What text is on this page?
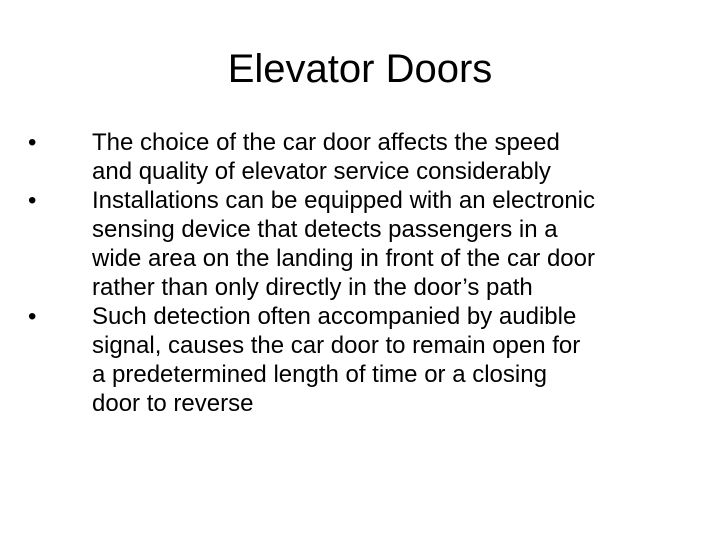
Elevator Doors
• The choice of the car door affects the speed
and quality of elevator service considerably
• Installations can be equipped with an electronic
sensing device that detects passengers in a
wide area on the landing in front of the car door
rather than only directly in the door’s path
• Such detection often accompanied by audible
signal, causes the car door to remain open for
a predetermined length of time or a closing
door to reverse
